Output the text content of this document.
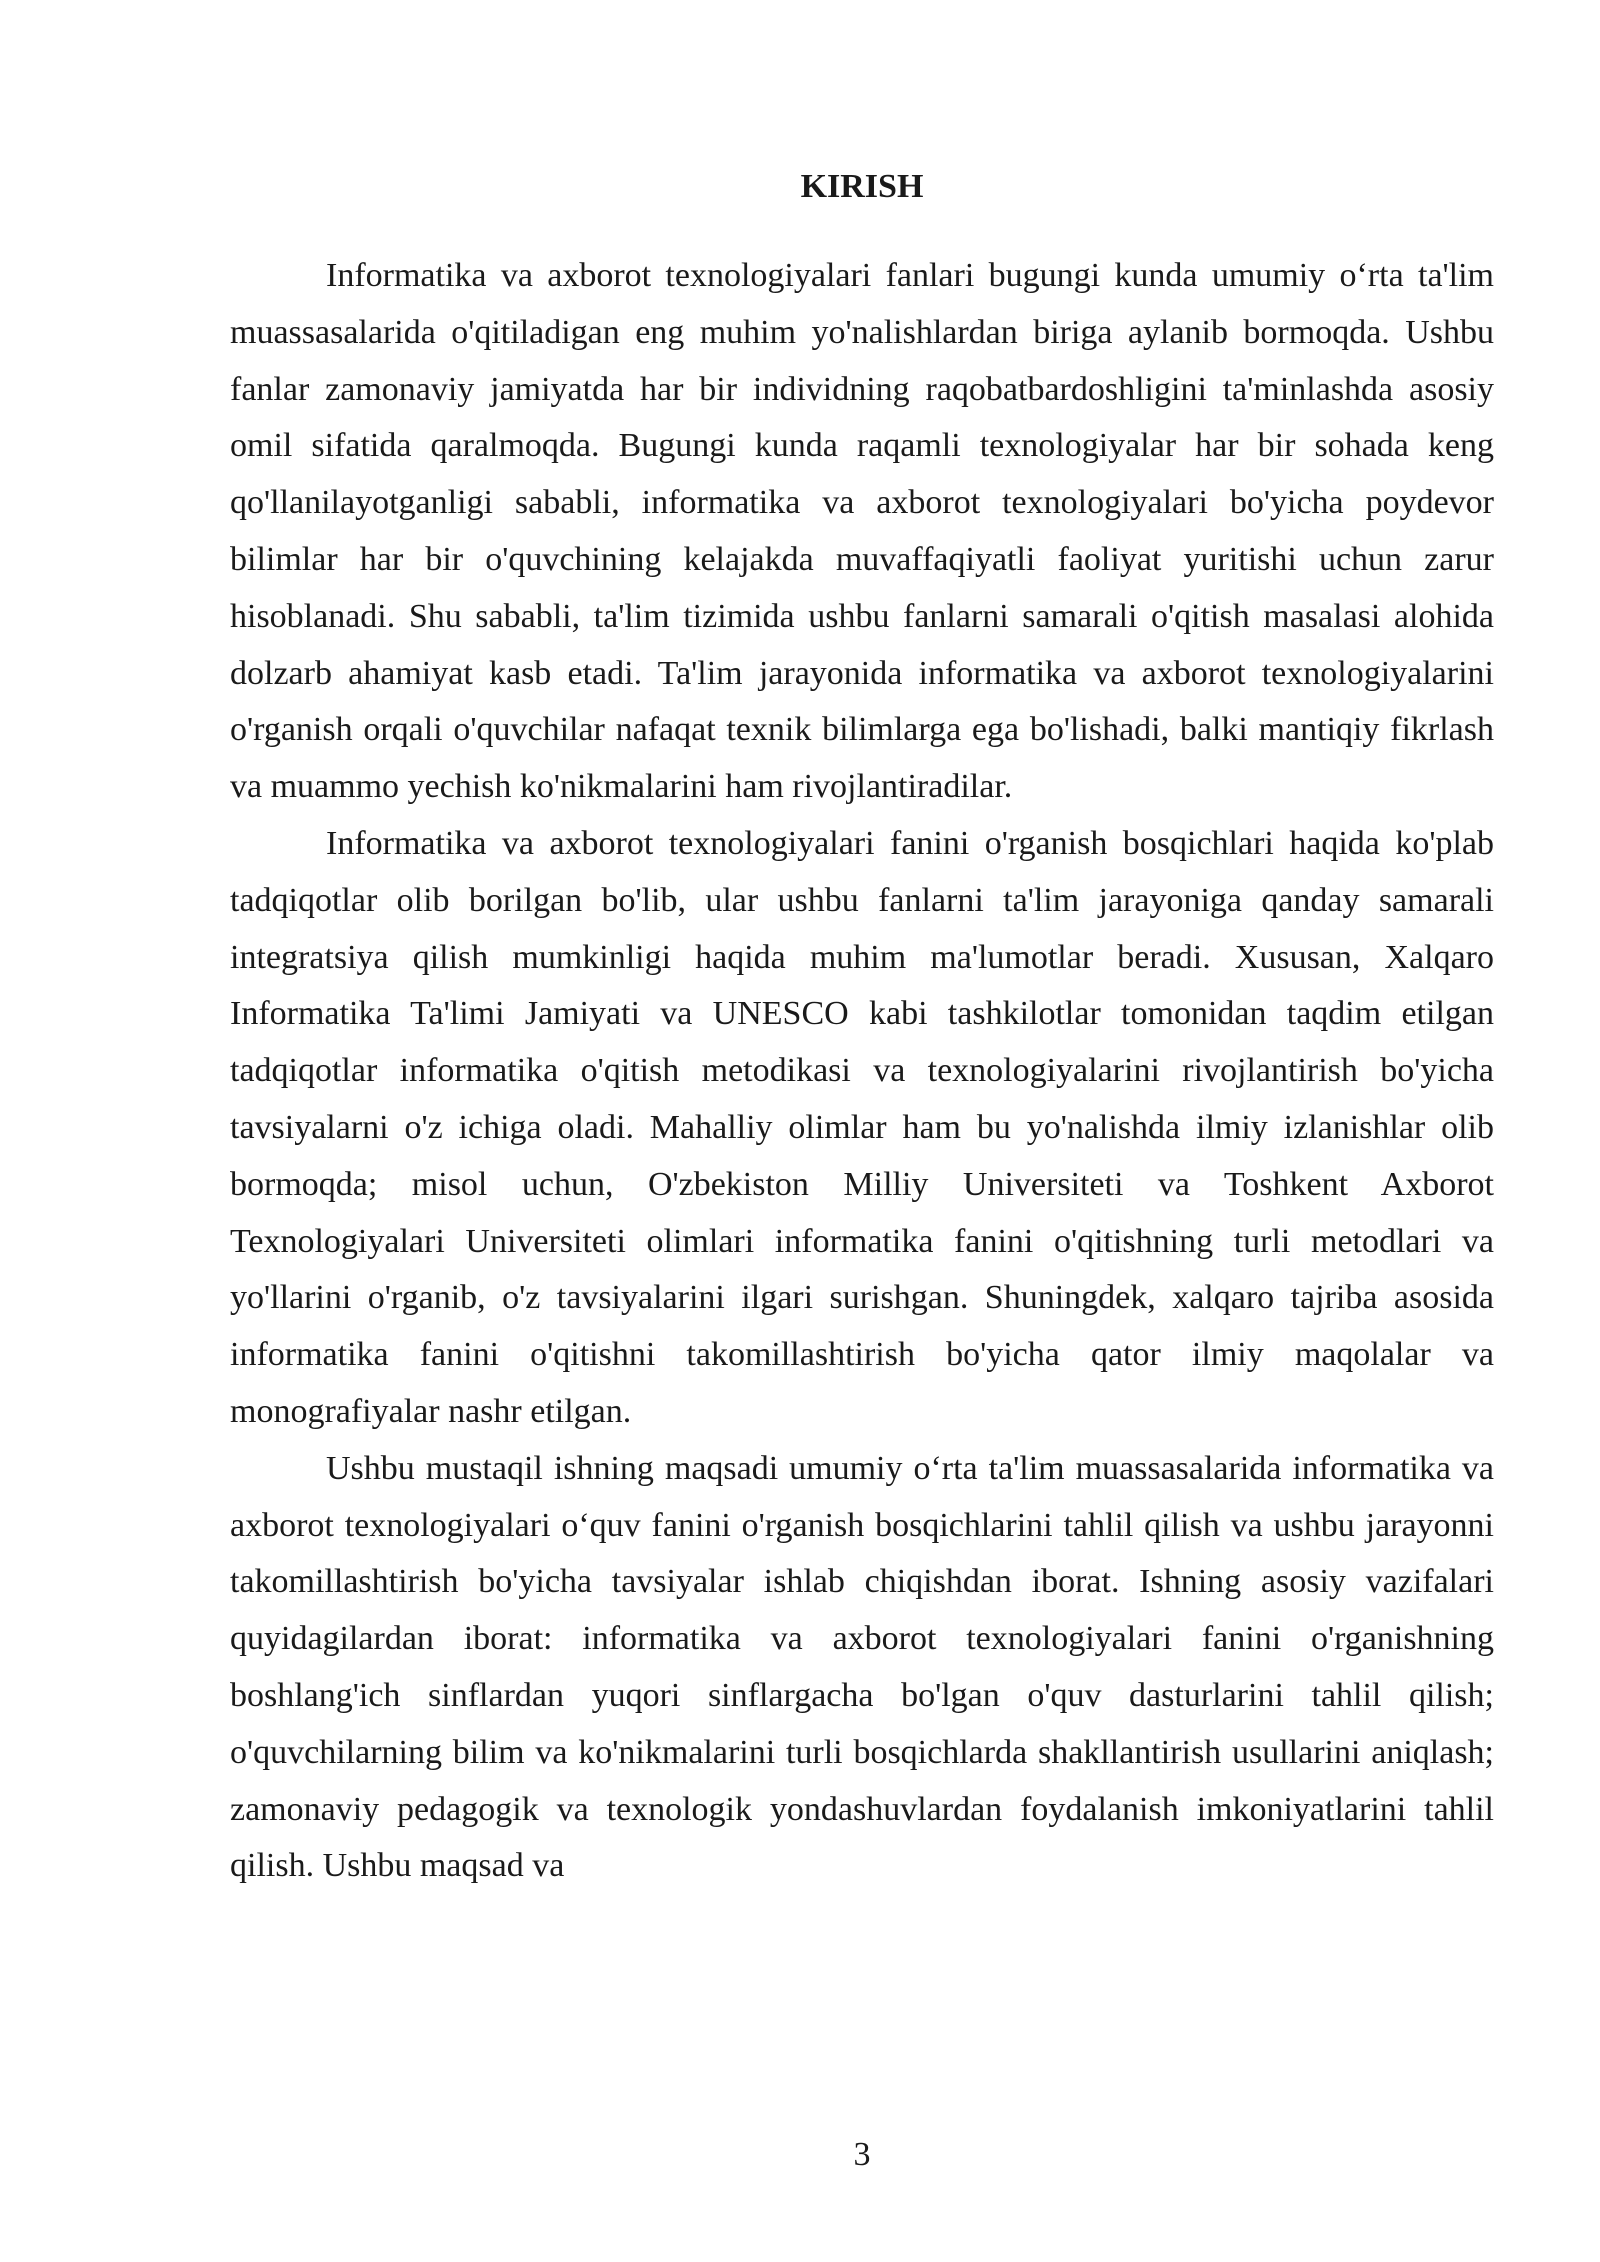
KIRISH

Informatika va axborot texnologiyalari fanlari bugungi kunda umumiy o‘rta ta'lim muassasalarida o'qitiladigan eng muhim yo'nalishlardan biriga aylanib bormoqda. Ushbu fanlar zamonaviy jamiyatda har bir individning raqobatbardoshligini ta'minlashda asosiy omil sifatida qaralmoqda. Bugungi kunda raqamli texnologiyalar har bir sohada keng qo'llanilayotganligi sababli, informatika va axborot texnologiyalari bo'yicha poydevor bilimlar har bir o'quvchining kelajakda muvaffaqiyatli faoliyat yuritishi uchun zarur hisoblanadi. Shu sababli, ta'lim tizimida ushbu fanlarni samarali o'qitish masalasi alohida dolzarb ahamiyat kasb etadi. Ta'lim jarayonida informatika va axborot texnologiyalarini o'rganish orqali o'quvchilar nafaqat texnik bilimlarga ega bo'lishadi, balki mantiqiy fikrlash va muammo yechish ko'nikmalarini ham rivojlantiradilar.

Informatika va axborot texnologiyalari fanini o'rganish bosqichlari haqida ko'plab tadqiqotlar olib borilgan bo'lib, ular ushbu fanlarni ta'lim jarayoniga qanday samarali integratsiya qilish mumkinligi haqida muhim ma'lumotlar beradi. Xususan, Xalqaro Informatika Ta'limi Jamiyati va UNESCO kabi tashkilotlar tomonidan taqdim etilgan tadqiqotlar informatika o'qitish metodikasi va texnologiyalarini rivojlantirish bo'yicha tavsiyalarni o'z ichiga oladi. Mahalliy olimlar ham bu yo'nalishda ilmiy izlanishlar olib bormoqda; misol uchun, O'zbekiston Milliy Universiteti va Toshkent Axborot Texnologiyalari Universiteti olimlari informatika fanini o'qitishning turli metodlari va yo'llarini o'rganib, o'z tavsiyalarini ilgari surishgan. Shuningdek, xalqaro tajriba asosida informatika fanini o'qitishni takomillashtirish bo'yicha qator ilmiy maqolalar va monografiyalar nashr etilgan.

Ushbu mustaqil ishning maqsadi umumiy o‘rta ta'lim muassasalarida informatika va axborot texnologiyalari o‘quv fanini o'rganish bosqichlarini tahlil qilish va ushbu jarayonni takomillashtirish bo'yicha tavsiyalar ishlab chiqishdan iborat. Ishning asosiy vazifalari quyidagilardan iborat: informatika va axborot texnologiyalari fanini o'rganishning boshlang'ich sinflardan yuqori sinflargacha bo'lgan o'quv dasturlarini tahlil qilish; o'quvchilarning bilim va ko'nikmalarini turli bosqichlarda shakllantirish usullarini aniqlash; zamonaviy pedagogik va texnologik yondashuvlardan foydalanish imkoniyatlarini tahlil qilish. Ushbu maqsad va

3
